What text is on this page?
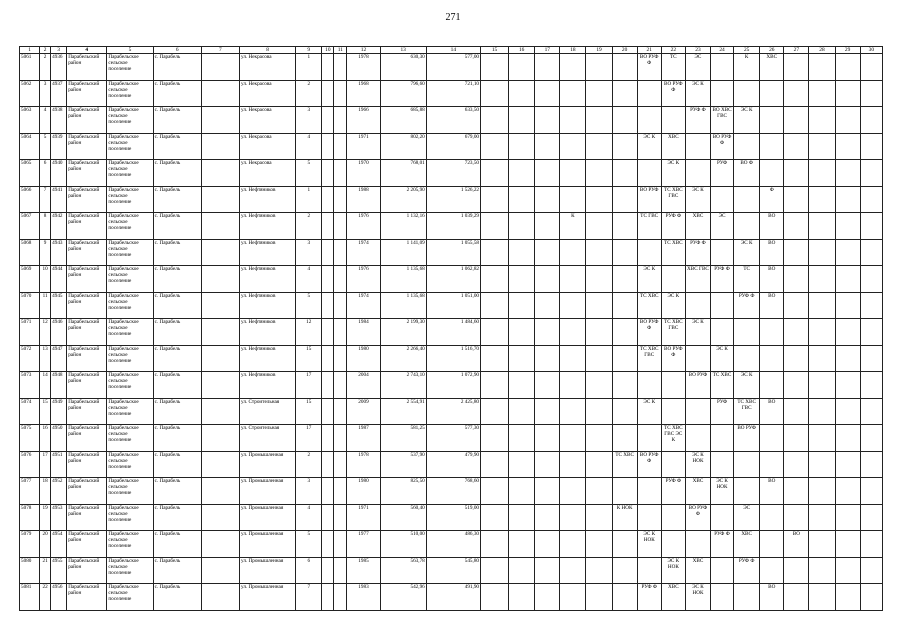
271
1	2	3	4	5	6	7	8	9	10	11	12	13	14	15	16	17	18	19	20	21	22	23	24	25	26	27	28	29	30
5061	2	4936	Парабельский район	Парабельское сельское поселение	с. Парабель		ул. Некрасова	1			1978	630,30	577,00							ВО РУФ Ф	ТС	ЭС		К	ХВС				
5062	3	4937	Парабельский район	Парабельское сельское поселение	с. Парабель		ул. Некрасова	2			1968	796,60	721,10								ВО РУФ Ф	ЭС К							
5063	4	4938	Парабельский район	Парабельское сельское поселение	с. Парабель		ул. Некрасова	3			1966	685,88	633,50									РУФ Ф	ВО ХВС ГВС	ЭС К					
5064	5	4939	Парабельский район	Парабельское сельское поселение	с. Парабель		ул. Некрасова	4			1971	802,20	679,00							ЭС К	ХВС		ВО РУФ Ф						
5065	6	4940	Парабельский район	Парабельское сельское поселение	с. Парабель		ул. Некрасова	5			1970	768,01	723,50								ЭС К		РУФ	ВО Ф					
5066	7	4941	Парабельский район	Парабельское сельское поселение	с. Парабель		ул. Нефтяников	1			1988	2 205,90	1 526,22							ВО РУФ	ТС ХВС ГВС	ЭС К			Ф				
5067	8	4942	Парабельский район	Парабельское сельское поселение	с. Парабель		ул. Нефтяников	2			1976	1 132,16	1 039,29				К			ТС ГВС	РУФ Ф	ХВС	ЭС		ВО				
5068	9	4943	Парабельский район	Парабельское сельское поселение	с. Парабель		ул. Нефтяников	3			1974	1 141,09	1 055,58								ТС ХВС	РУФ Ф		ЭС К	ВО				
5069	10	4944	Парабельский район	Парабельское сельское поселение	с. Парабель		ул. Нефтяников	4			1976	1 135,68	1 062,82							ЭС К		ХВС ГВС	РУФ Ф	ТС	ВО				
5070	11	4945	Парабельский район	Парабельское сельское поселение	с. Парабель		ул. Нефтяников	5			1974	1 135,68	1 051,00							ТС ХВС	ЭС К			РУФ Ф	ВО				
5071	12	4946	Парабельский район	Парабельское сельское поселение	с. Парабель		ул. Нефтяников	12			1984	2 199,30	1 484,60							ВО РУФ Ф	ТС ХВС ГВС	ЭС К							
5072	13	4947	Парабельский район	Парабельское сельское поселение	с. Парабель		ул. Нефтяников	15			1980	2 266,40	1 516,70							ТС ХВС ГВС	ВО РУФ Ф		ЭС К						
5073	14	4948	Парабельский район	Парабельское сельское поселение	с. Парабель		ул. Нефтяников	17			2004	2 743,10	1 072,90									ВО РУФ	ТС ХВС	ЭС К					
5074	15	4949	Парабельский район	Парабельское сельское поселение	с. Парабель		ул. Строительная	15			2009	2 554,91	2 425,80							ЭС К			РУФ	ТС ХВС ГВС	ВО				
5075	16	4950	Парабельский район	Парабельское сельское поселение	с. Парабель		ул. Строительная	17			1987	581,25	577,30								ТС ХВС ГВС ЭС К			ВО РУФ					
5076	17	4951	Парабельский район	Парабельское сельское поселение	с. Парабель		ул. Промышленная	2			1978	537,90	479,90						ТС ХВС	ВО РУФ Ф		ЭС К НОК							
5077	18	4952	Парабельский район	Парабельское сельское поселение	с. Парабель		ул. Промышленная	3			1980	825,50	768,60								РУФ Ф	ХВС	ЭС К НОК		ВО				
5078	19	4953	Парабельский район	Парабельское сельское поселение	с. Парабель		ул. Промышленная	4			1971	560,40	519,00						К НОК			ВО РУФ Ф		ЭС					
5079	20	4954	Парабельский район	Парабельское сельское поселение	с. Парабель		ул. Промышленная	5			1977	510,00	486,30							ЭС К НОК			РУФ Ф	ХВС		ВО			
5080	21	4955	Парабельский район	Парабельское сельское поселение	с. Парабель		ул. Промышленная	6			1985	563,78	545,80								ЭС К НОК	ХВС		РУФ Ф					
5081	22	4956	Парабельский район	Парабельское сельское поселение	с. Парабель		ул. Промышленная	7			1983	542,96	491,90							РУФ Ф	ХВС	ЭС К НОК			ВО				
